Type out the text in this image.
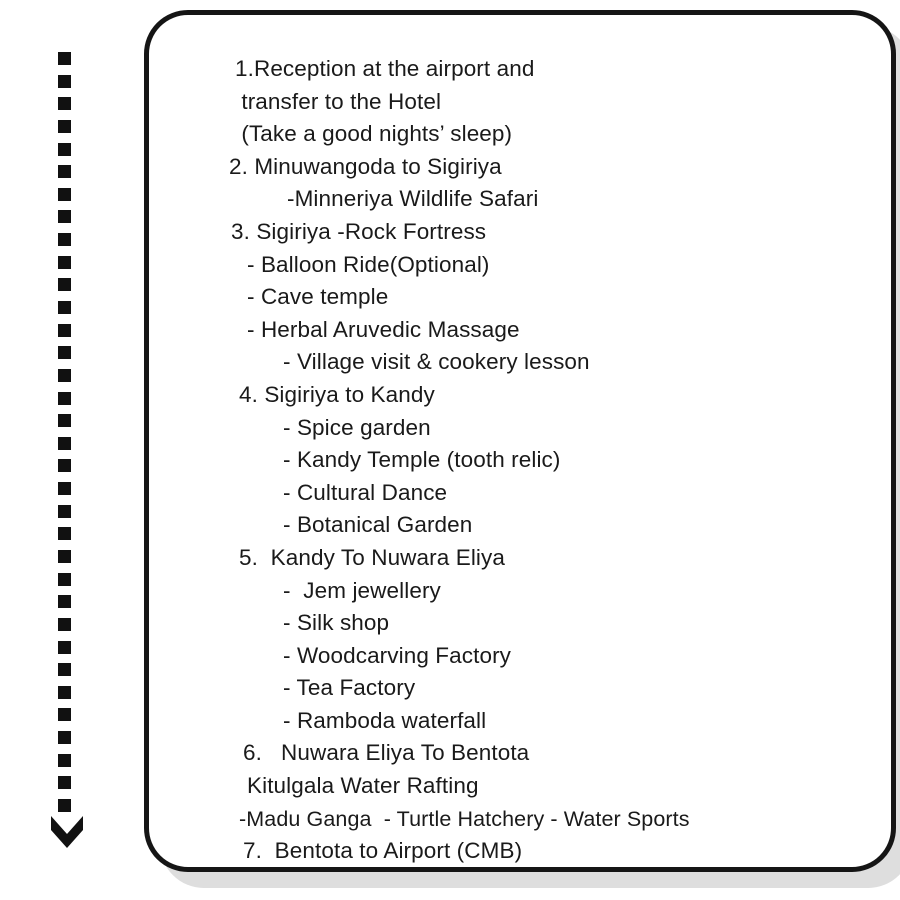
1.Reception at the airport and
transfer to the Hotel
(Take a good nights’ sleep)
2. Minuwangoda to Sigiriya
-Minneriya Wildlife Safari
3. Sigiriya -Rock Fortress
- Balloon Ride(Optional)
- Cave temple
- Herbal Aruvedic Massage
- Village visit & cookery lesson
4. Sigiriya to Kandy
- Spice garden
- Kandy Temple (tooth relic)
- Cultural Dance
- Botanical Garden
5.  Kandy To Nuwara Eliya
-  Jem jewellery
- Silk shop
- Woodcarving Factory
- Tea Factory
- Ramboda waterfall
6.   Nuwara Eliya To Bentota
Kitulgala Water Rafting
-Madu Ganga  - Turtle Hatchery - Water Sports
7.  Bentota to Airport (CMB)
